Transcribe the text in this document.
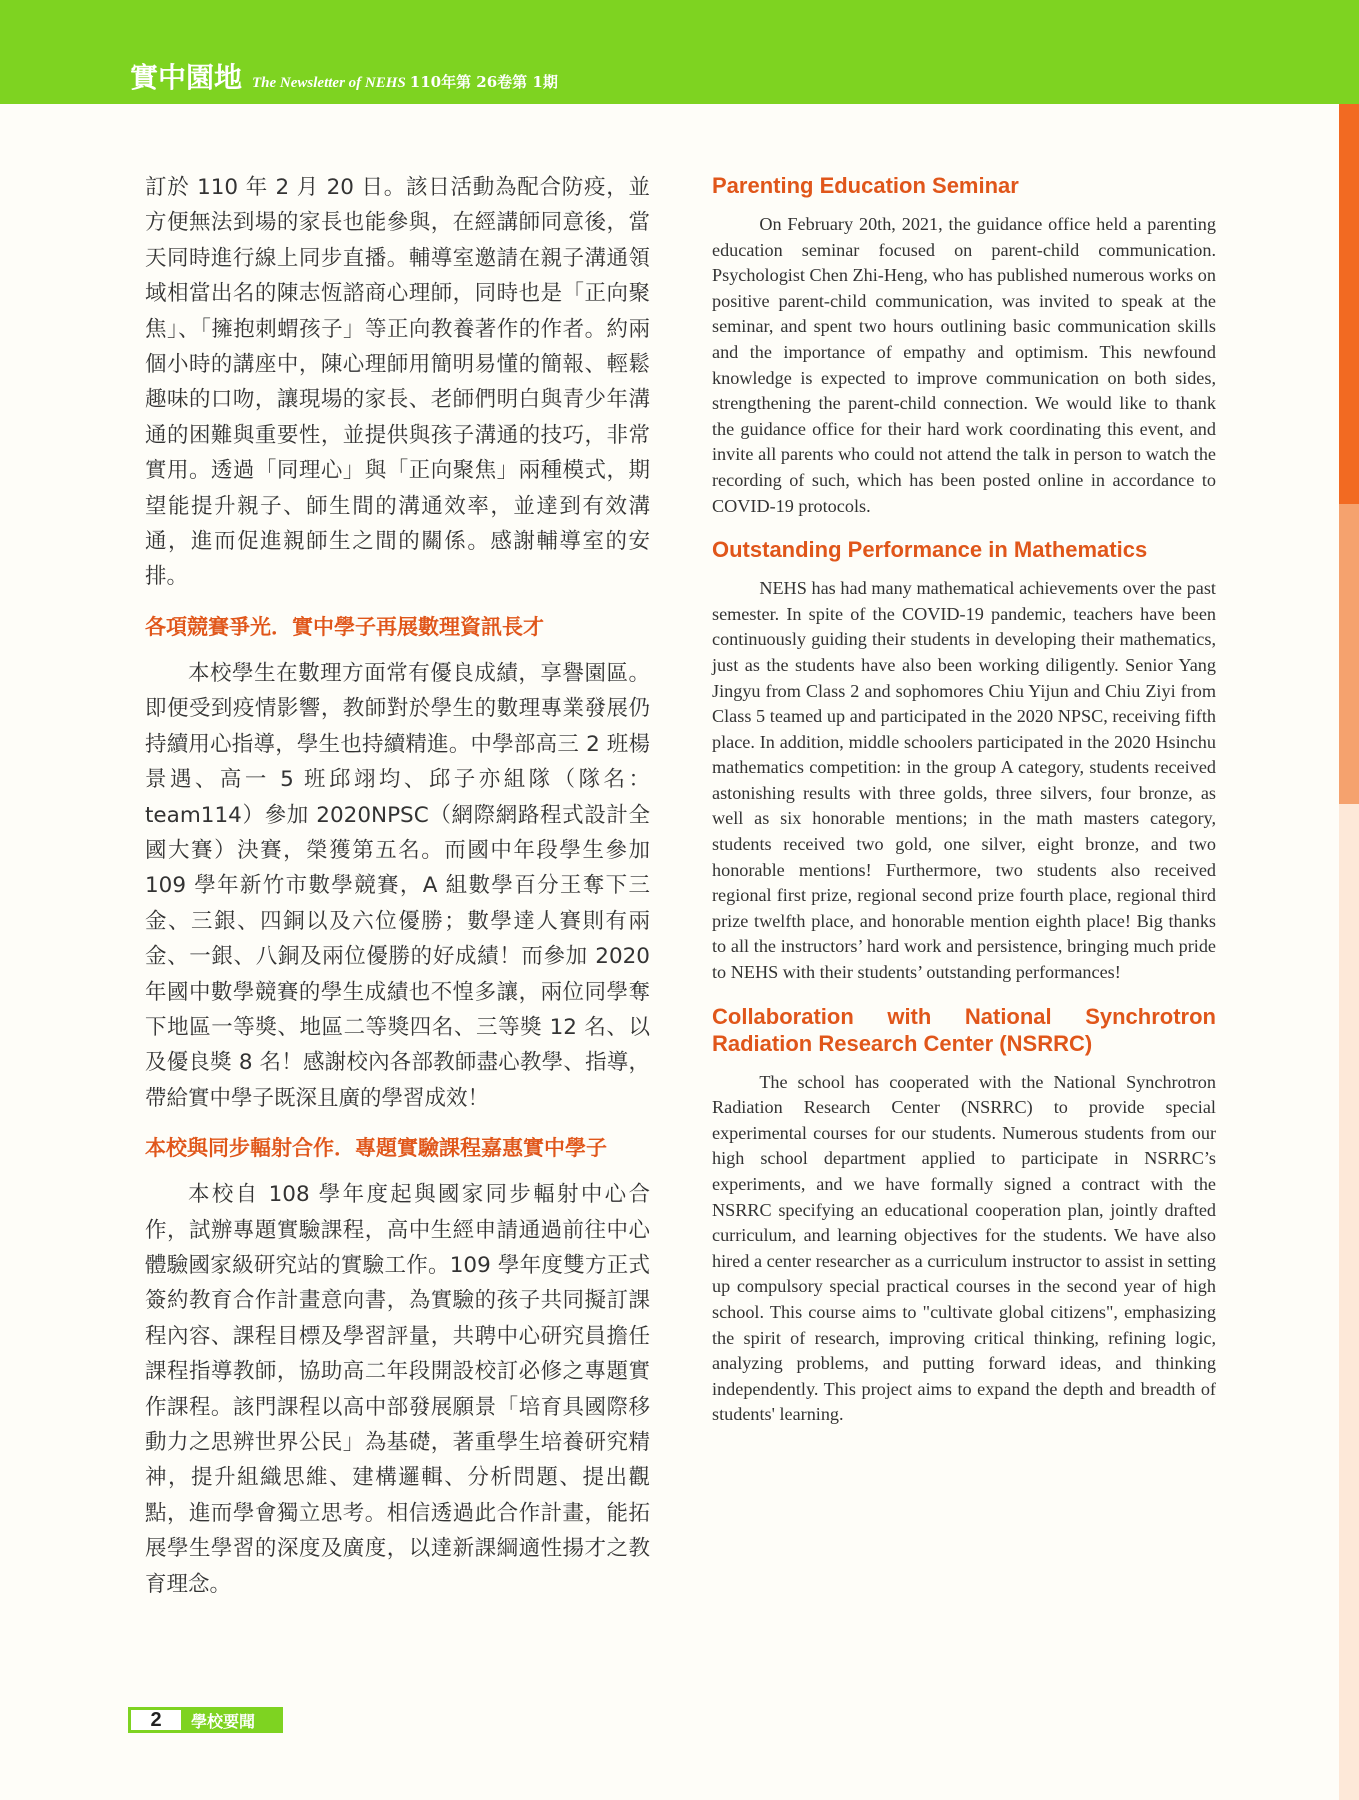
實中園地 The Newsletter of NEHS 110年第 26卷第 1期

訂於 110 年 2 月 20 日。該日活動為配合防疫，並方便無法到場的家長也能參與，在經講師同意後，當天同時進行線上同步直播。輔導室邀請在親子溝通領域相當出名的陳志恆諮商心理師，同時也是「正向聚焦」、「擁抱刺蝟孩子」等正向教養著作的作者。約兩個小時的講座中，陳心理師用簡明易懂的簡報、輕鬆趣味的口吻，讓現場的家長、老師們明白與青少年溝通的困難與重要性，並提供與孩子溝通的技巧，非常實用。透過「同理心」與「正向聚焦」兩種模式，期望能提升親子、師生間的溝通效率，並達到有效溝通，進而促進親師生之間的關係。感謝輔導室的安排。

各項競賽爭光．實中學子再展數理資訊長才

本校學生在數理方面常有優良成績，享譽園區。即便受到疫情影響，教師對於學生的數理專業發展仍持續用心指導，學生也持續精進。中學部高三 2 班楊景遇、高一 5 班邱翊均、邱子亦組隊（隊名：team114）參加 2020NPSC（網際網路程式設計全國大賽）決賽，榮獲第五名。而國中年段學生參加 109 學年新竹市數學競賽，A 組數學百分王奪下三金、三銀、四銅以及六位優勝；數學達人賽則有兩金、一銀、八銅及兩位優勝的好成績！而參加 2020 年國中數學競賽的學生成績也不惶多讓，兩位同學奪下地區一等獎、地區二等獎四名、三等獎 12 名、以及優良獎 8 名！感謝校內各部教師盡心教學、指導，帶給實中學子既深且廣的學習成效！

本校與同步輻射合作．專題實驗課程嘉惠實中學子

本校自 108 學年度起與國家同步輻射中心合作，試辦專題實驗課程，高中生經申請通過前往中心體驗國家級研究站的實驗工作。109 學年度雙方正式簽約教育合作計畫意向書，為實驗的孩子共同擬訂課程內容、課程目標及學習評量，共聘中心研究員擔任課程指導教師，協助高二年段開設校訂必修之專題實作課程。該門課程以高中部發展願景「培育具國際移動力之思辨世界公民」為基礎，著重學生培養研究精神，提升組織思維、建構邏輯、分析問題、提出觀點，進而學會獨立思考。相信透過此合作計畫，能拓展學生學習的深度及廣度，以達新課綱適性揚才之教育理念。

Parenting Education Seminar

On February 20th, 2021, the guidance office held a parenting education seminar focused on parent-child communication. Psychologist Chen Zhi-Heng, who has published numerous works on positive parent-child communication, was invited to speak at the seminar, and spent two hours outlining basic communication skills and the importance of empathy and optimism. This newfound knowledge is expected to improve communication on both sides, strengthening the parent-child connection. We would like to thank the guidance office for their hard work coordinating this event, and invite all parents who could not attend the talk in person to watch the recording of such, which has been posted online in accordance to COVID-19 protocols.

Outstanding Performance in Mathematics

NEHS has had many mathematical achievements over the past semester. In spite of the COVID-19 pandemic, teachers have been continuously guiding their students in developing their mathematics, just as the students have also been working diligently. Senior Yang Jingyu from Class 2 and sophomores Chiu Yijun and Chiu Ziyi from Class 5 teamed up and participated in the 2020 NPSC, receiving fifth place. In addition, middle schoolers participated in the 2020 Hsinchu mathematics competition: in the group A category, students received astonishing results with three golds, three silvers, four bronze, as well as six honorable mentions; in the math masters category, students received two gold, one silver, eight bronze, and two honorable mentions! Furthermore, two students also received regional first prize, regional second prize fourth place, regional third prize twelfth place, and honorable mention eighth place! Big thanks to all the instructors’ hard work and persistence, bringing much pride to NEHS with their students’ outstanding performances!

Collaboration with National Synchrotron Radiation Research Center (NSRRC)

The school has cooperated with the National Synchrotron Radiation Research Center (NSRRC) to provide special experimental courses for our students. Numerous students from our high school department applied to participate in NSRRC’s experiments, and we have formally signed a contract with the NSRRC specifying an educational cooperation plan, jointly drafted curriculum, and learning objectives for the students. We have also hired a center researcher as a curriculum instructor to assist in setting up compulsory special practical courses in the second year of high school. This course aims to "cultivate global citizens", emphasizing the spirit of research, improving critical thinking, refining logic, analyzing problems, and putting forward ideas, and thinking independently. This project aims to expand the depth and breadth of students' learning.

2	學校要聞
